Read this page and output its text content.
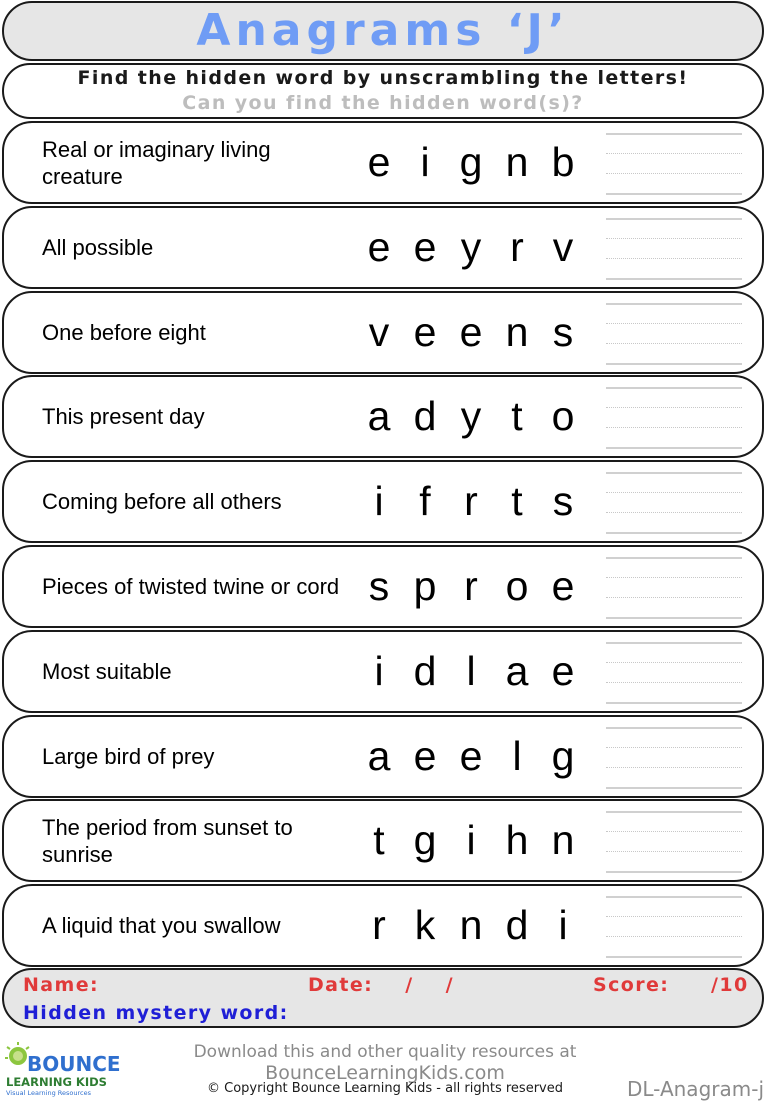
Anagrams ‘J’
Find the hidden word by unscrambling the letters!
Can you find the hidden word(s)?
Real or imaginary living creature	e i g n b
All possible	e e y r v
One before eight	v e e n s
This present day	a d y t o
Coming before all others	i f r t s
Pieces of twisted twine or cord s p r o e
Most suitable	i d l a e
Large bird of prey	a e e l g
The period from sunset to sunrise	t g i h n
A liquid that you swallow	r k n d i
Name:	Date:    /    /	Score: /10
Hidden mystery word:
BOUNCE
LEARNING KIDS
Visual Learning Resources
Download this and other quality resources at
BounceLearningKids.com
© Copyright Bounce Learning Kids - all rights reserved	DL-Anagram-j
